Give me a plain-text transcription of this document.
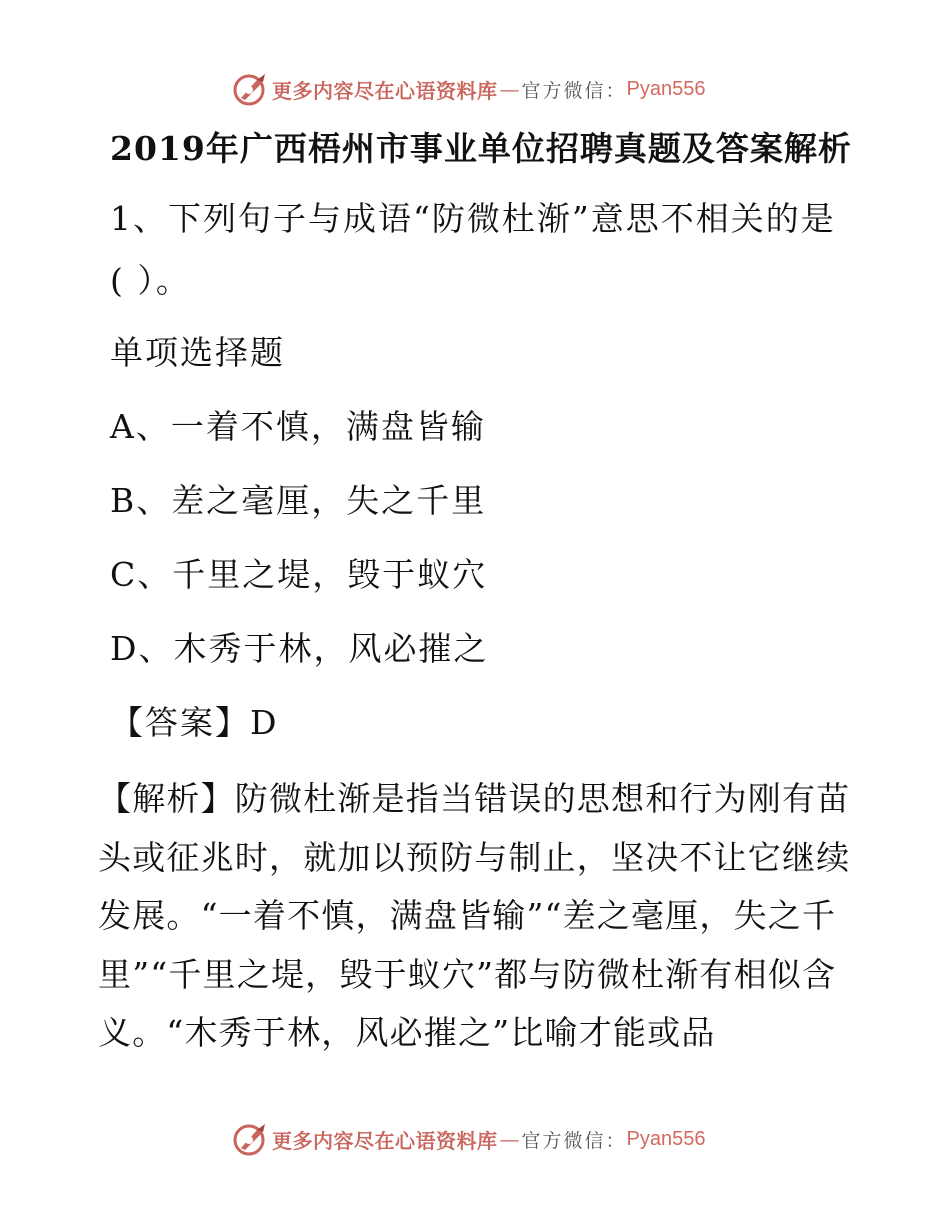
更多内容尽在心语资料库 — 官方微信： Pyan556
2019年广西梧州市事业单位招聘真题及答案解析

1、下列句子与成语“防微杜渐”意思不相关的是

( ）。

单项选择题

A、一着不慎，满盘皆输

B、差之毫厘，失之千里

C、千里之堤，毁于蚁穴

D、木秀于林，风必摧之

【答案】D

【解析】防微杜渐是指当错误的思想和行为刚有苗头或征兆时，就加以预防与制止，坚决不让它继续发展。“一着不慎，满盘皆输”“差之毫厘，失之千里”“千里之堤，毁于蚁穴”都与防微杜渐有相似含义。“木秀于林，风必摧之”比喻才能或品

更多内容尽在心语资料库 — 官方微信： Pyan556
